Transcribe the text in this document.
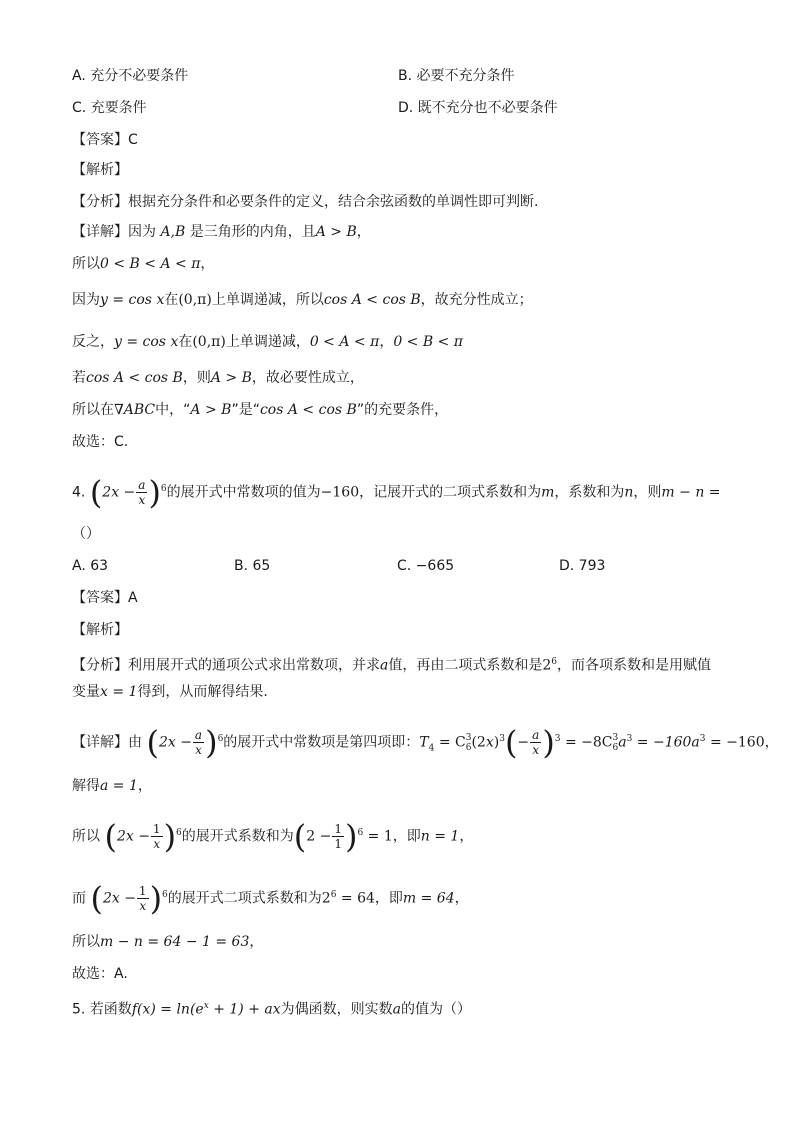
A. 充分不必要条件	B. 必要不充分条件
C. 充要条件	D. 既不充分也不必要条件
【答案】C
【解析】
【分析】根据充分条件和必要条件的定义，结合余弦函数的单调性即可判断.
【详解】因为 A,B 是三角形的内角，且A > B，
所以0 < B < A < π，
因为y = cos x在(0,π)上单调递减，所以cos A < cos B，故充分性成立；
反之，y = cos x在(0,π)上单调递减，0 < A < π，0 < B < π
若cos A < cos B，则A > B，故必要性成立，
所以在∇ABC中，“A > B”是“cos A < cos B”的充要条件，
故选：C.
4. $(2x - \frac{a}{x} )^6$的展开式中常数项的值为−160，记展开式的二项式系数和为m，系数和为n，则m − n =
（）
A. 63	B. 65	C. −665	D. 793
【答案】A
【解析】
【分析】利用展开式的通项公式求出常数项，并求a值，再由二项式系数和是$2^6$，而各项系数和是用赋值
变量x = 1得到，从而解得结果.
【详解】由 $(2x - \frac{a}{x} )^6$的展开式中常数项是第四项即：$T_4 = C$ 3
6 $(2x)^3(- \frac{a}{x} )^3 = -8C$ 3
6 $a^3 = -160a^3 = -160$，
解得a = 1，
所以 $(2x - \frac{1}{x} )^6$的展开式系数和为$(2 - \frac{1}{1} )^6 = 1$，即n = 1，
而 $(2x - \frac{1}{x} )^6$的展开式二项式系数和为$2^6 = 64$，即m = 64，
所以m − n = 64 − 1 = 63，
故选：A.
5. 若函数$f(x) = \ln(e^x + 1)$ + ax为偶函数，则实数a的值为（）
